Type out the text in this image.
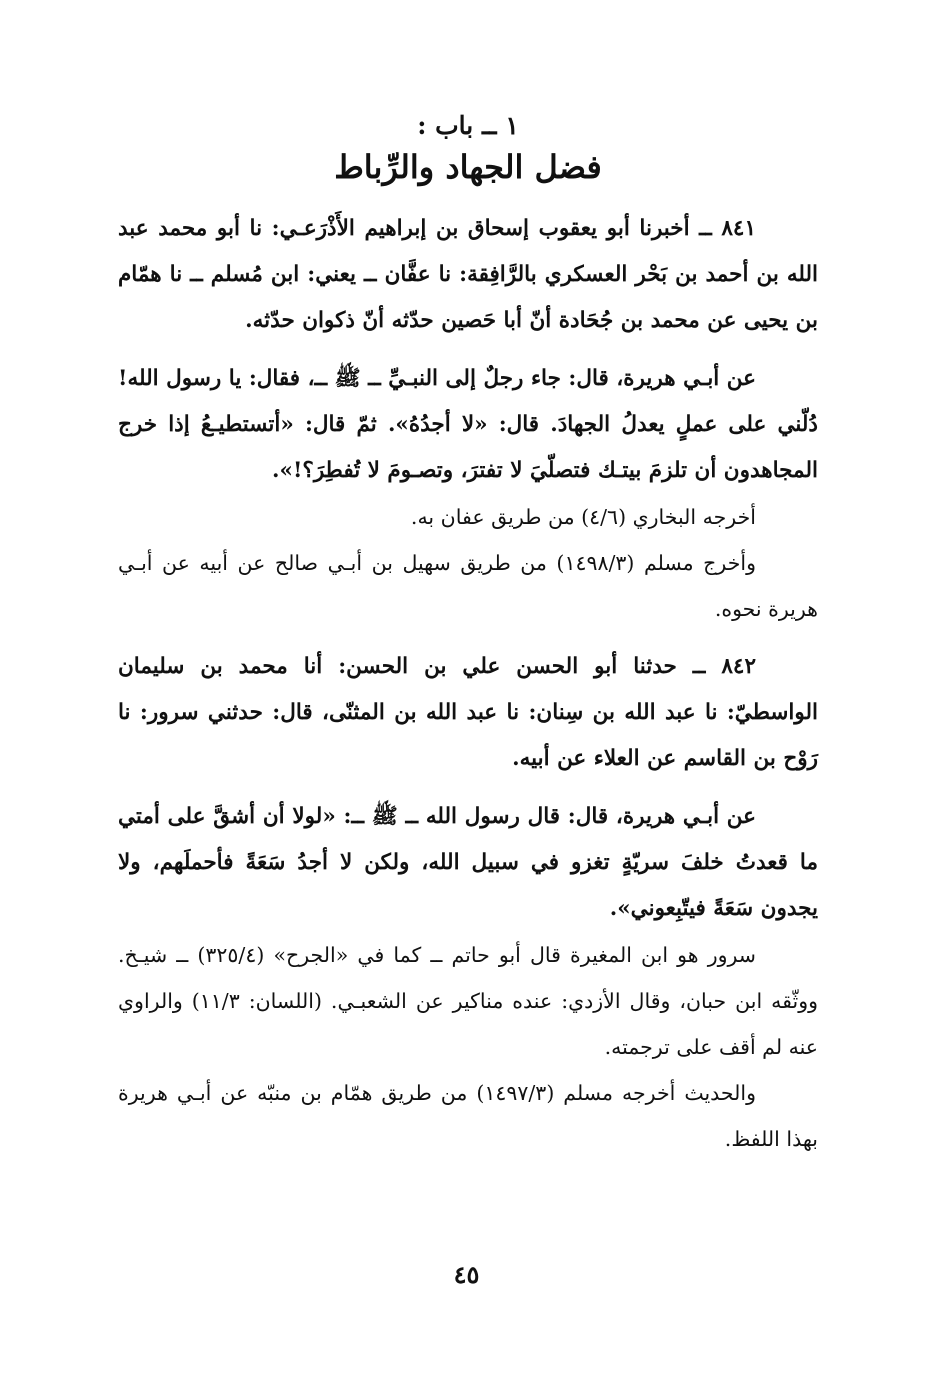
١ ــ باب :

فضل الجهاد والرِّباط

٨٤١ ــ أخبرنا أبو يعقوب إسحاق بن إبراهيم الأَذْرَعـي: نا أبو محمد عبد الله بن أحمد بن بَحْر العسكري بالرَّافِقة: نا عفَّان ــ يعني: ابن مُسلم ــ نا همّام بن يحيى عن محمد بن جُحَادة أنّ أبا حَصين حدّثه أنّ ذكوان حدّثه.

عن أبـي هريرة، قال: جاء رجلٌ إلى النبـيِّ ــ ﷺ ــ، فقال: يا رسول الله! دُلّني على عملٍ يعدلُ الجهادَ. قال: «لا أجدُهُ». ثمّ قال: «أتستطيـعُ إذا خرج المجاهدون أن تلزمَ بيتـك فتصلّيَ لا تفترَ، وتصـومَ لا تُفطِرَ؟!».

أخرجه البخاري (٤/٦) من طريق عفان به.

وأخرج مسلم (١٤٩٨/٣) من طريق سهيل بن أبـي صالح عن أبيه عن أبـي هريرة نحوه.

٨٤٢ ــ حدثنا أبو الحسن علي بن الحسن: أنا محمد بن سليمان الواسطيّ: نا عبد الله بن سِنان: نا عبد الله بن المثنّى، قال: حدثني سرور: نا رَوْح بن القاسم عن العلاء عن أبيه.

عن أبـي هريرة، قال: قال رسول الله ــ ﷺ ــ: «لولا أن أشقَّ على أمتي ما قعدتُ خلفَ سريّةٍ تغزو في سبيل الله، ولكن لا أجدُ سَعَةً فأحملَهم، ولا يجدون سَعَةً فيتّبِعوني».

سرور هو ابن المغيرة قال أبو حاتم ــ كما في «الجرح» (٣٢٥/٤) ــ شيـخ. ووثّقه ابن حبان، وقال الأزدي: عنده مناكير عن الشعبـي. (اللسان: ١١/٣) والراوي عنه لم أقف على ترجمته.

والحديث أخرجه مسلم (١٤٩٧/٣) من طريق همّام بن منبّه عن أبـي هريرة بهذا اللفظ.

٤٥
